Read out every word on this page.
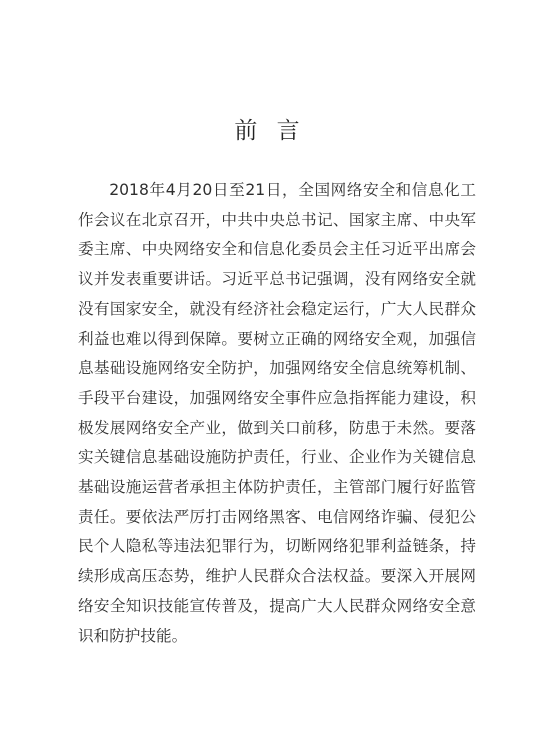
前 言

2018年4月20日至21日，全国网络安全和信息化工作会议在北京召开，中共中央总书记、国家主席、中央军委主席、中央网络安全和信息化委员会主任习近平出席会议并发表重要讲话。习近平总书记强调，没有网络安全就没有国家安全，就没有经济社会稳定运行，广大人民群众利益也难以得到保障。要树立正确的网络安全观，加强信息基础设施网络安全防护，加强网络安全信息统筹机制、手段平台建设，加强网络安全事件应急指挥能力建设，积极发展网络安全产业，做到关口前移，防患于未然。要落实关键信息基础设施防护责任，行业、企业作为关键信息基础设施运营者承担主体防护责任，主管部门履行好监管责任。要依法严厉打击网络黑客、电信网络诈骗、侵犯公民个人隐私等违法犯罪行为，切断网络犯罪利益链条，持续形成高压态势，维护人民群众合法权益。要深入开展网络安全知识技能宣传普及，提高广大人民群众网络安全意识和防护技能。
